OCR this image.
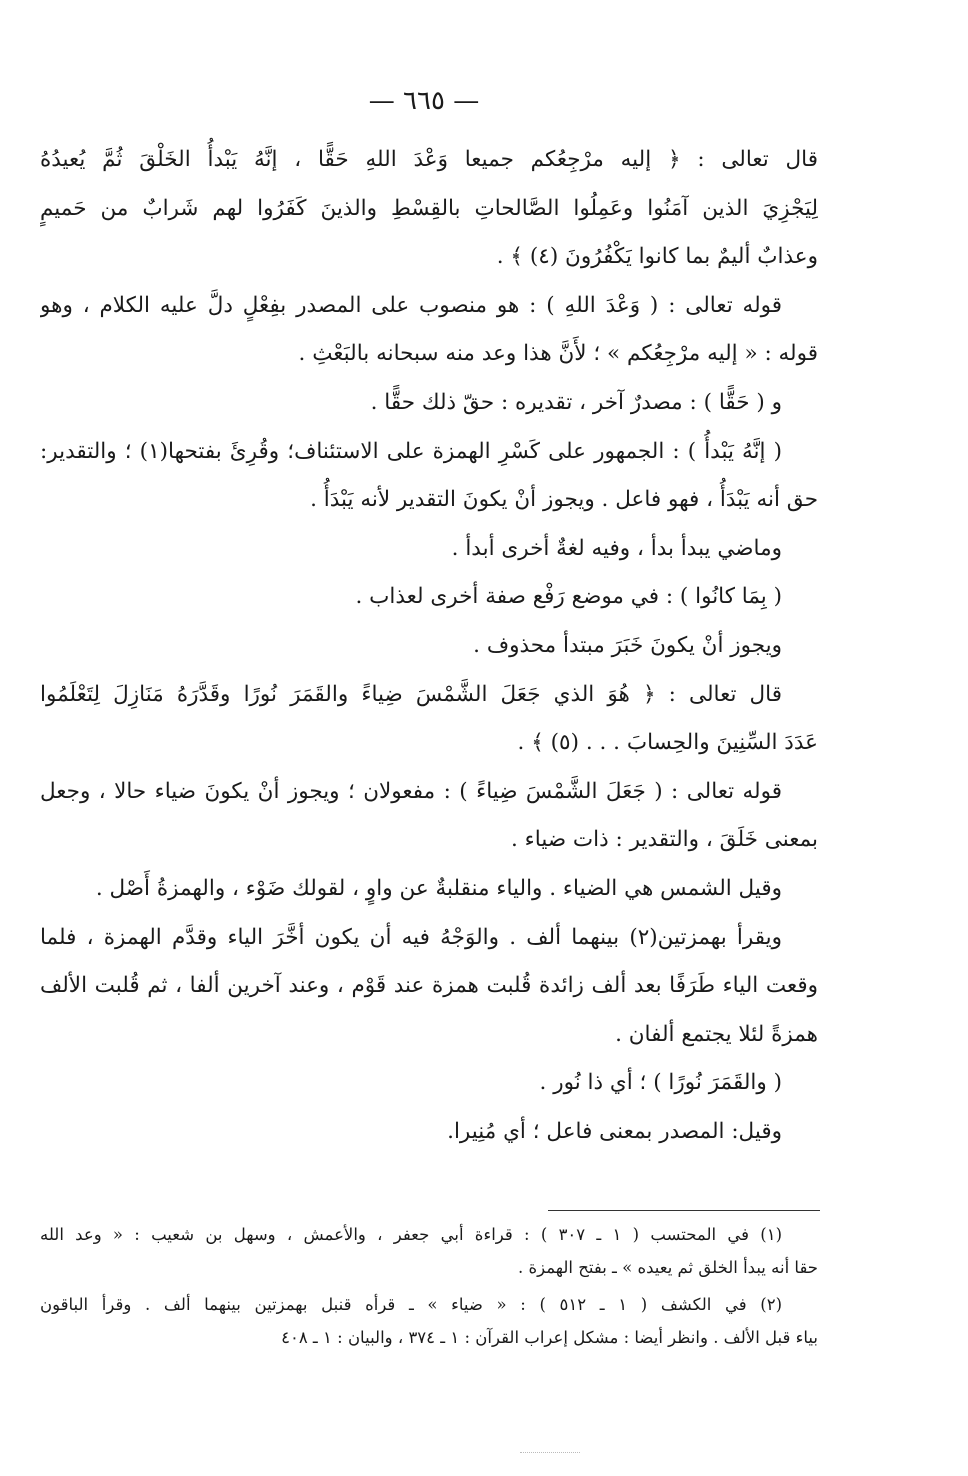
— ٦٦٥ —
قال تعالى : ﴿ إليه مرْجِعُكم جميعا وَعْدَ اللهِ حَقًّا ، إنَّهُ يَبْدأُ الخَلْقَ ثُمَّ يُعيدُهُ
لِيَجْزِيَ الذين آمَنُوا وعَمِلُوا الصَّالحاتِ بالقِسْطِ والذينَ كَفَرُوا لهم شَرابٌ من حَميمٍ
وعذابٌ أليمٌ بما كانوا يَكْفُرُونَ (٤) ﴾ .
قوله تعالى : ( وَعْدَ اللهِ ) : هو منصوب على المصدر بفِعْلٍ دلَّ عليه الكلام ، وهو
قوله : « إليه مرْجِعُكم » ؛ لأَنَّ هذا وعد منه سبحانه بالبَعْثِ .
و ( حَقًّا ) : مصدرٌ آخر ، تقديره : حقّ ذلك حقًّا .
( إنَّهُ يَبْدأُ ) : الجمهور على كَسْرِ الهمزة على الاستئناف؛ وقُرِئَ بفتحها(١) ؛ والتقدير:
حق أنه يَبْدَأُ ، فهو فاعل . ويجوز أنْ يكونَ التقدير لأنه يَبْدَأُ .
وماضي يبدأ بدأ ، وفيه لغةٌ أخرى أبدأ .
( بِمَا كانُوا ) : في موضع رَفْع صفة أخرى لعذاب .
ويجوز أنْ يكونَ خَبَرَ مبتدأ محذوف .
قال تعالى : ﴿ هُوَ الذي جَعَلَ الشَّمْسَ ضِياءً والقَمَرَ نُورًا وقَدَّرَهُ مَنَازِلَ لِتَعْلَمُوا
عَدَدَ السِّنِينَ والحِسابَ . . . (٥) ﴾ .
قوله تعالى : ( جَعَلَ الشَّمْسَ ضِياءً ) : مفعولان ؛ ويجوز أنْ يكونَ ضياء حالا ، وجعل
بمعنى خَلَقَ ، والتقدير : ذات ضياء .
وقيل الشمس هي الضياء . والياء منقلبةٌ عن واوٍ ، لقولك ضَوْء ، والهمزةُ أَصْل .
ويقرأ بهمزتين(٢) بينهما ألف . والوَجْهُ فيه أن يكون أخَّرَ الياء وقدَّم الهمزة ، فلما
وقعت الياء طَرَفًا بعد ألف زائدة قُلبت همزة عند قَوْم ، وعند آخرين ألفا ، ثم قُلبت الألف
همزةً لئلا يجتمع ألفان .
( والقَمَرَ نُورًا ) ؛ أي ذا نُور .
وقيل: المصدر بمعنى فاعل ؛ أي مُنِيرا.
(١) في المحتسب ( ١ ـ ٣٠٧ ) : قراءة أبي جعفر ، والأعمش ، وسهل بن شعيب : « وعد الله
حقا أنه يبدأ الخلق ثم يعيده » ـ بفتح الهمزة .
(٢) في الكشف ( ١ ـ ٥١٢ ) : « ضياء » ـ قرأه قنبل بهمزتين بينهما ألف . وقرأ الباقون
بياء قبل الألف . وانظر أيضا : مشكل إعراب القرآن : ١ ـ ٣٧٤ ، والبيان : ١ ـ ٤٠٨
